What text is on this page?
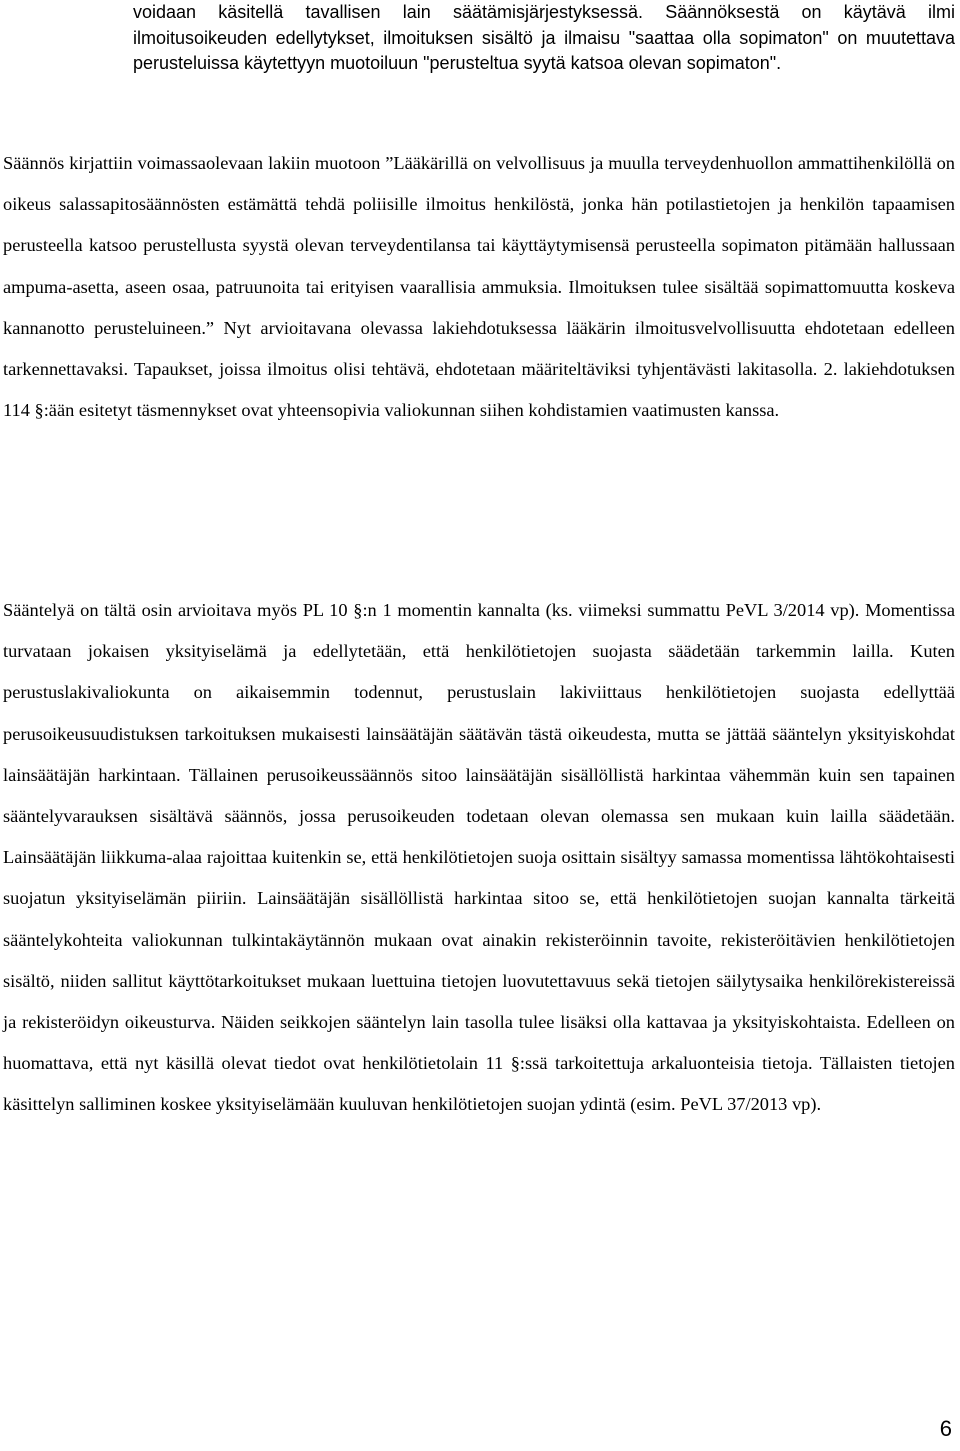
voidaan käsitellä tavallisen lain säätämisjärjestyksessä. Säännöksestä on käytävä ilmi ilmoitusoikeuden edellytykset, ilmoituksen sisältö ja ilmaisu "saattaa olla sopimaton" on muutettava perusteluissa käytettyyn muotoiluun "perusteltua syytä katsoa olevan sopimaton".

Säännös kirjattiin voimassaolevaan lakiin muotoon ”Lääkärillä on velvollisuus ja muulla terveydenhuollon ammattihenkilöllä on oikeus salassapitosäännösten estämättä tehdä poliisille ilmoitus henkilöstä, jonka hän potilastietojen ja henkilön tapaamisen perusteella katsoo perustellusta syystä olevan terveydentilansa tai käyttäytymisensä perusteella sopimaton pitämään hallussaan ampuma-asetta, aseen osaa, patruunoita tai erityisen vaarallisia ammuksia. Ilmoituksen tulee sisältää sopimattomuutta koskeva kannanotto perusteluineen.” Nyt arvioitavana olevassa lakiehdotuksessa lääkärin ilmoitusvelvollisuutta ehdotetaan edelleen tarkennettavaksi. Tapaukset, joissa ilmoitus olisi tehtävä, ehdotetaan määriteltäviksi tyhjentävästi lakitasolla. 2. lakiehdotuksen 114 §:ään esitetyt täsmennykset ovat yhteensopivia valiokunnan siihen kohdistamien vaatimusten kanssa.

Sääntelyä on tältä osin arvioitava myös PL 10 §:n 1 momentin kannalta (ks. viimeksi summattu PeVL 3/2014 vp). Momentissa turvataan jokaisen yksityiselämä ja edellytetään, että henkilötietojen suojasta säädetään tarkemmin lailla. Kuten perustuslakivaliokunta on aikaisemmin todennut, perustuslain lakiviittaus henkilötietojen suojasta edellyttää perusoikeusuudistuksen tarkoituksen mukaisesti lainsäätäjän säätävän tästä oikeudesta, mutta se jättää sääntelyn yksityiskohdat lainsäätäjän harkintaan. Tällainen perusoikeussäännös sitoo lainsäätäjän sisällöllistä harkintaa vähemmän kuin sen tapainen sääntelyvarauksen sisältävä säännös, jossa perusoikeuden todetaan olevan olemassa sen mukaan kuin lailla säädetään. Lainsäätäjän liikkuma-alaa rajoittaa kuitenkin se, että henkilötietojen suoja osittain sisältyy samassa momentissa lähtökohtaisesti suojatun yksityiselämän piiriin. Lainsäätäjän sisällöllistä harkintaa sitoo se, että henkilötietojen suojan kannalta tärkeitä sääntelykohteita valiokunnan tulkintakäytännön mukaan ovat ainakin rekisteröinnin tavoite, rekisteröitävien henkilötietojen sisältö, niiden sallitut käyttötarkoitukset mukaan luettuina tietojen luovutettavuus sekä tietojen säilytysaika henkilörekistereissä ja rekisteröidyn oikeusturva. Näiden seikkojen sääntelyn lain tasolla tulee lisäksi olla kattavaa ja yksityiskohtaista. Edelleen on huomattava, että nyt käsillä olevat tiedot ovat henkilötietolain 11 §:ssä tarkoitettuja arkaluonteisia tietoja. Tällaisten tietojen käsittelyn salliminen koskee yksityiselämään kuuluvan henkilötietojen suojan ydintä (esim. PeVL 37/2013 vp).

6
